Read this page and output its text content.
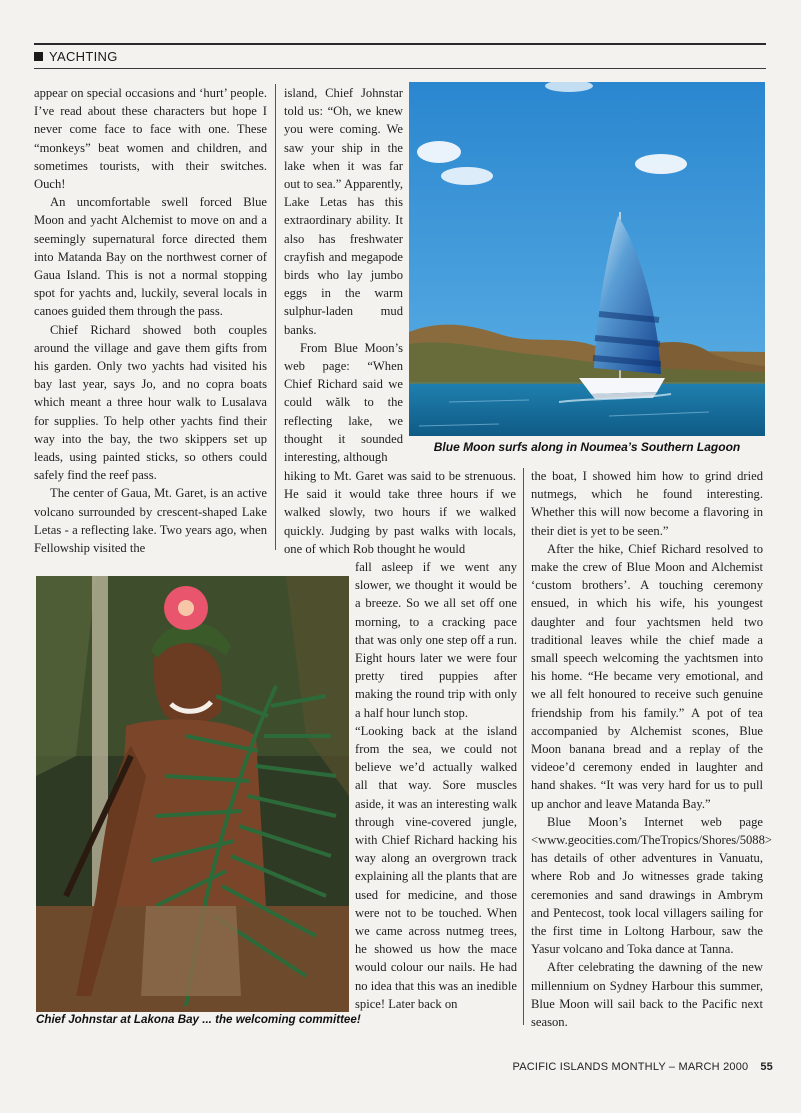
YACHTING

appear on special occasions and ‘hurt’ people. I’ve read about these characters but hope I never come face to face with one. These “monkeys” beat women and children, and sometimes tourists, with their switches. Ouch!

An uncomfortable swell forced Blue Moon and yacht Alchemist to move on and a seemingly supernatural force directed them into Matanda Bay on the northwest corner of Gaua Island. This is not a normal stopping spot for yachts and, luckily, several locals in canoes guided them through the pass.

Chief Richard showed both couples around the village and gave them gifts from his garden. Only two yachts had visited his bay last year, says Jo, and no copra boats which meant a three hour walk to Lusalava for supplies. To help other yachts find their way into the bay, the two skippers set up leads, using painted sticks, so others could safely find the reef pass.

The center of Gaua, Mt. Garet, is an active volcano surrounded by crescent-shaped Lake Letas - a reflecting lake. Two years ago, when Fellowship visited the

island, Chief Johnstar told us: “Oh, we knew you were coming. We saw your ship in the lake when it was far out to sea.” Apparently, Lake Letas has this extraordinary ability. It also has freshwater crayfish and megapode birds who lay jumbo eggs in the warm sulphur-laden mud banks.

From Blue Moon’s web page: “When Chief Richard said we could wălk to the reflecting lake, we thought it sounded interesting, although

Blue Moon surfs along in Noumea’s Southern Lagoon

hiking to Mt. Garet was said to be strenuous. He said it would take three hours if we walked slowly, two hours if we walked quickly. Judging by past walks with locals, one of which Rob thought he would

fall asleep if we went any slower, we thought it would be a breeze. So we all set off one morning, to a cracking pace that was only one step off a run. Eight hours later we were four pretty tired puppies after making the round trip with only a half hour lunch stop.

“Looking back at the island from the sea, we could not believe we’d actually walked all that way. Sore muscles aside, it was an interesting walk through vine-covered jungle, with Chief Richard hacking his way along an overgrown track explaining all the plants that are used for medicine, and those were not to be touched. When we came across nutmeg trees, he showed us how the mace would colour our nails. He had no idea that this was an inedible spice! Later back on

the boat, I showed him how to grind dried nutmegs, which he found interesting. Whether this will now become a flavoring in their diet is yet to be seen.”

After the hike, Chief Richard resolved to make the crew of Blue Moon and Alchemist ‘custom brothers’. A touching ceremony ensued, in which his wife, his youngest daughter and four yachtsmen held two traditional leaves while the chief made a small speech welcoming the yachtsmen into his home. “He became very emotional, and we all felt honoured to receive such genuine friendship from his family.” A pot of tea accompanied by Alchemist scones, Blue Moon banana bread and a replay of the videoe’d ceremony ended in laughter and hand shakes. “It was very hard for us to pull up anchor and leave Matanda Bay.”

Blue Moon’s Internet web page <www.geocities.com/TheTropics/Shores/5088> has details of other adventures in Vanuatu, where Rob and Jo witnesses grade taking ceremonies and sand drawings in Ambrym and Pentecost, took local villagers sailing for the first time in Loltong Harbour, saw the Yasur volcano and Toka dance at Tanna.

After celebrating the dawning of the new millennium on Sydney Harbour this summer, Blue Moon will sail back to the Pacific next season.

Chief Johnstar at Lakona Bay ... the welcoming committee!
PACIFIC ISLANDS MONTHLY – MARCH 2000 55
